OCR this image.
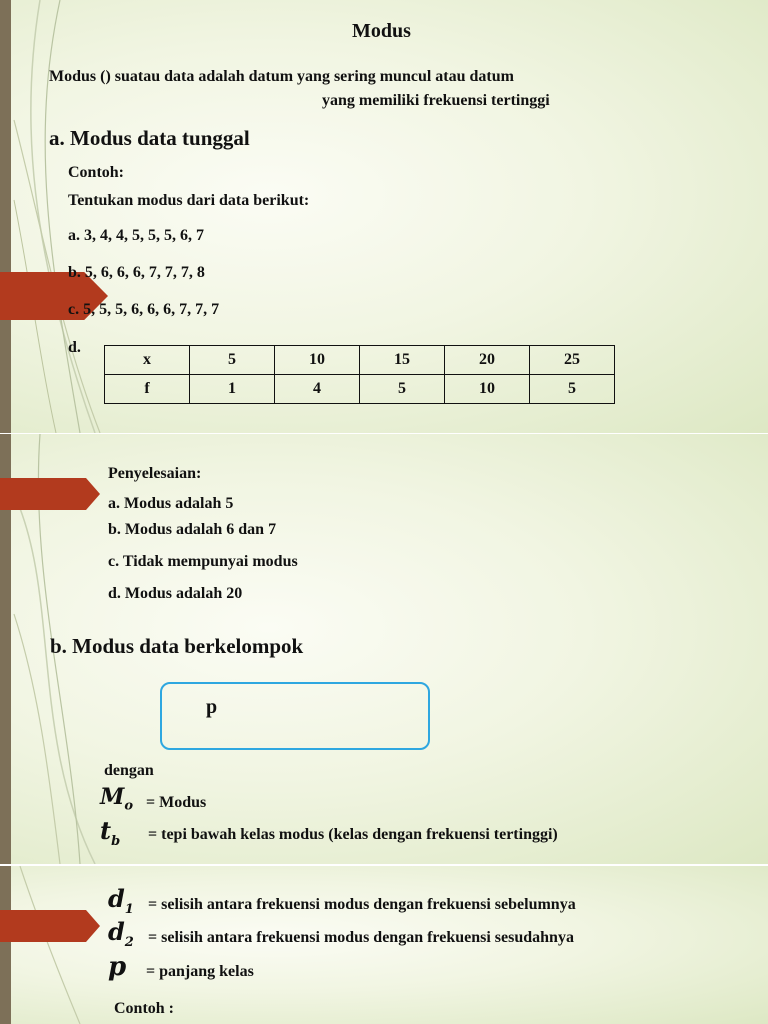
Modus
Modus () suatau data adalah datum yang sering muncul atau datum
yang memiliki frekuensi tertinggi
a. Modus data tunggal
Contoh:
Tentukan modus dari data berikut:
a. 3, 4, 4, 5, 5, 5, 6, 7
b. 5, 6, 6, 6, 7, 7, 7, 8
c. 5, 5, 5, 6, 6, 6, 7, 7, 7
d.
x	5	10	15	20	25
f	1	4	5	10	5
Penyelesaian:
a. Modus adalah 5
b. Modus adalah 6 dan 7
c. Tidak mempunyai modus
d. Modus adalah 20
b. Modus data berkelompok
p
dengan
$M_o$ = Modus
$t_b$ = tepi bawah kelas modus (kelas dengan frekuensi tertinggi)
$d_1$ = selisih antara frekuensi modus dengan frekuensi sebelumnya
$d_2$ = selisih antara frekuensi modus dengan frekuensi sesudahnya
p = panjang kelas
Contoh :
